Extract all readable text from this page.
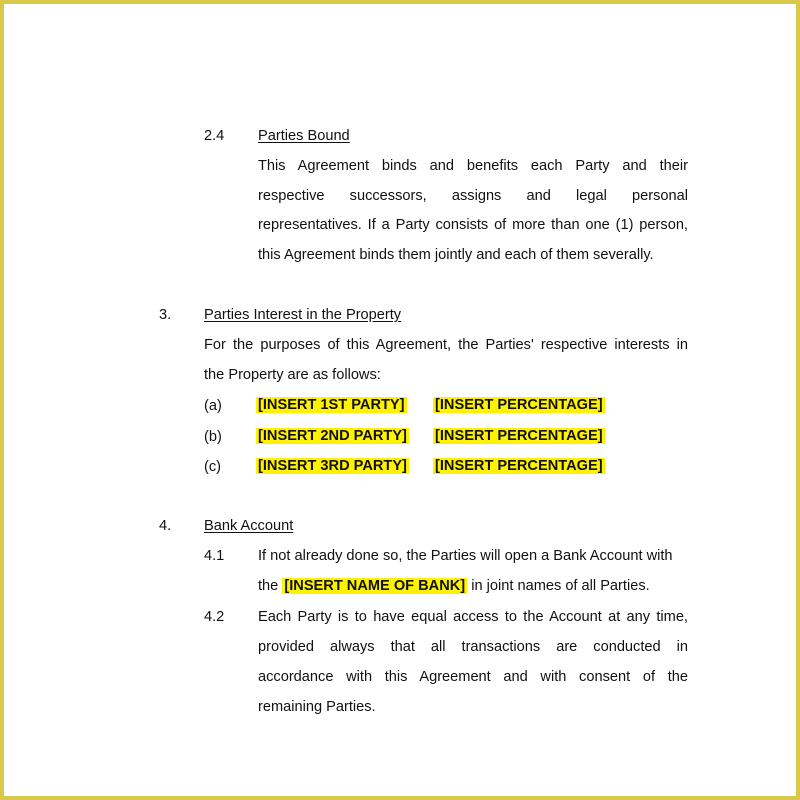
2.4 Parties Bound
This Agreement binds and benefits each Party and their
respective successors, assigns and legal personal
representatives. If a Party consists of more than one (1) person,
this Agreement binds them jointly and each of them severally.
3. Parties Interest in the Property
For the purposes of this Agreement, the Parties' respective interests in
the Property are as follows:
(a) [INSERT 1ST PARTY] [INSERT PERCENTAGE]
(b) [INSERT 2ND PARTY] [INSERT PERCENTAGE]
(c)	[INSERT 3RD PARTY] [INSERT PERCENTAGE]
4. Bank Account
4.1 If not already done so, the Parties will open a Bank Account with
the [INSERT NAME OF BANK] in joint names of all Parties.
4.2 Each Party is to have equal access to the Account at any time,
provided always that all transactions are conducted in
accordance with this Agreement and with consent of the
remaining Parties.
